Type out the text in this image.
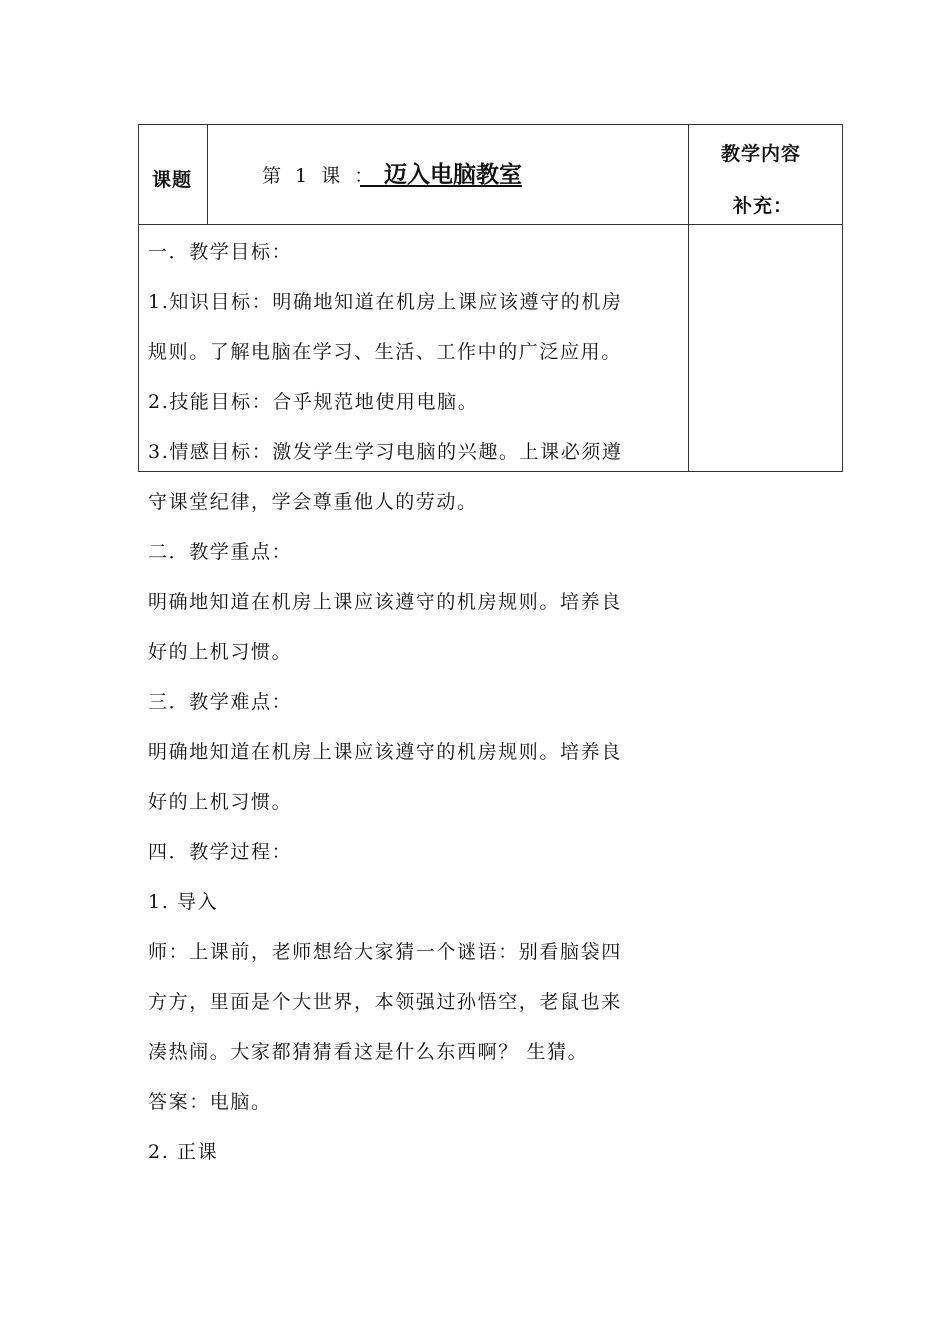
课题	第 1 课 ：
迈入电脑教室
教学内容
补充：
一．教学目标：
1.知识目标：明确地知道在机房上课应该遵守的机房
规则。了解电脑在学习、生活、工作中的广泛应用。
2.技能目标：合乎规范地使用电脑。
3.情感目标：激发学生学习电脑的兴趣。上课必须遵
守课堂纪律，学会尊重他人的劳动。
二．教学重点：
明确地知道在机房上课应该遵守的机房规则。培养良
好的上机习惯。
三．教学难点：
明确地知道在机房上课应该遵守的机房规则。培养良
好的上机习惯。
四．教学过程：
1. 导入
师：上课前，老师想给大家猜一个谜语：别看脑袋四
方方，里面是个大世界，本领强过孙悟空，老鼠也来
凑热闹。大家都猜猜看这是什么东西啊？ 生猜。
答案：电脑。
2. 正课
